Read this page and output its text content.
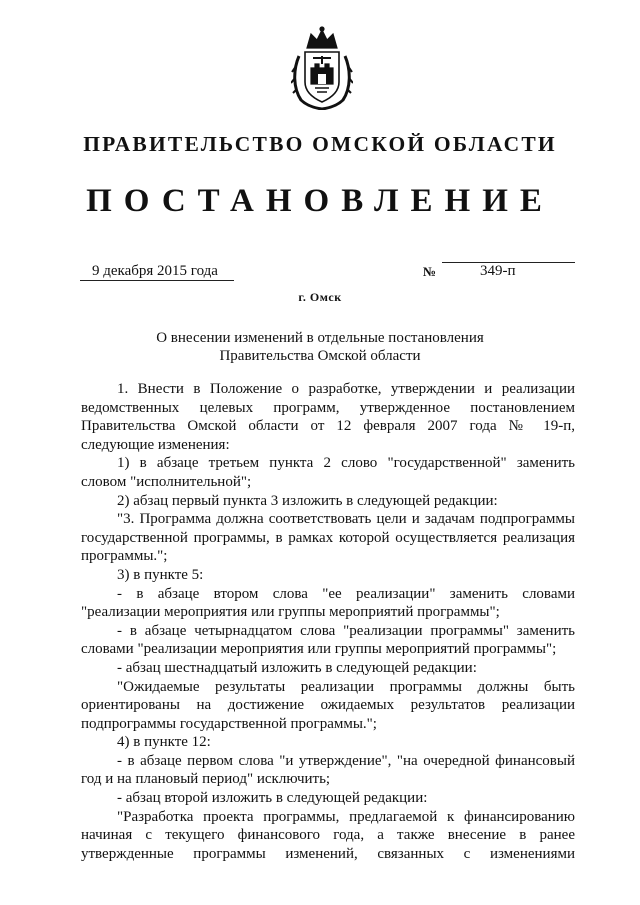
ПРАВИТЕЛЬСТВО ОМСКОЙ ОБЛАСТИ
ПОСТАНОВЛЕНИЕ
9 декабря 2015 года	№	349-п
г. Омск
О внесении изменений в отдельные постановления
Правительства Омской области
1. Внести в Положение о разработке, утверждении и реализации
ведомственных целевых программ, утвержденное постановлением
Правительства Омской области от 12 февраля 2007 года № 19-п,
следующие изменения:
1) в абзаце третьем пункта 2 слово "государственной" заменить
словом "исполнительной";
2) абзац первый пункта 3 изложить в следующей редакции:
"3. Программа должна соответствовать цели и задачам подпрограммы
государственной программы, в рамках которой осуществляется реализация
программы.";
3) в пункте 5:
- в абзаце втором слова "ее реализации" заменить словами
"реализации мероприятия или группы мероприятий программы";
- в абзаце четырнадцатом слова "реализации программы" заменить
словами "реализации мероприятия или группы мероприятий программы";
- абзац шестнадцатый изложить в следующей редакции:
"Ожидаемые результаты реализации программы должны быть
ориентированы на достижение ожидаемых результатов реализации
подпрограммы государственной программы.";
4) в пункте 12:
- в абзаце первом слова "и утверждение", "на очередной финансовый
год и на плановый период" исключить;
- абзац второй изложить в следующей редакции:
"Разработка проекта программы, предлагаемой к финансированию
начиная с текущего финансового года, а также внесение в ранее
утвержденные программы изменений, связанных с изменениями
